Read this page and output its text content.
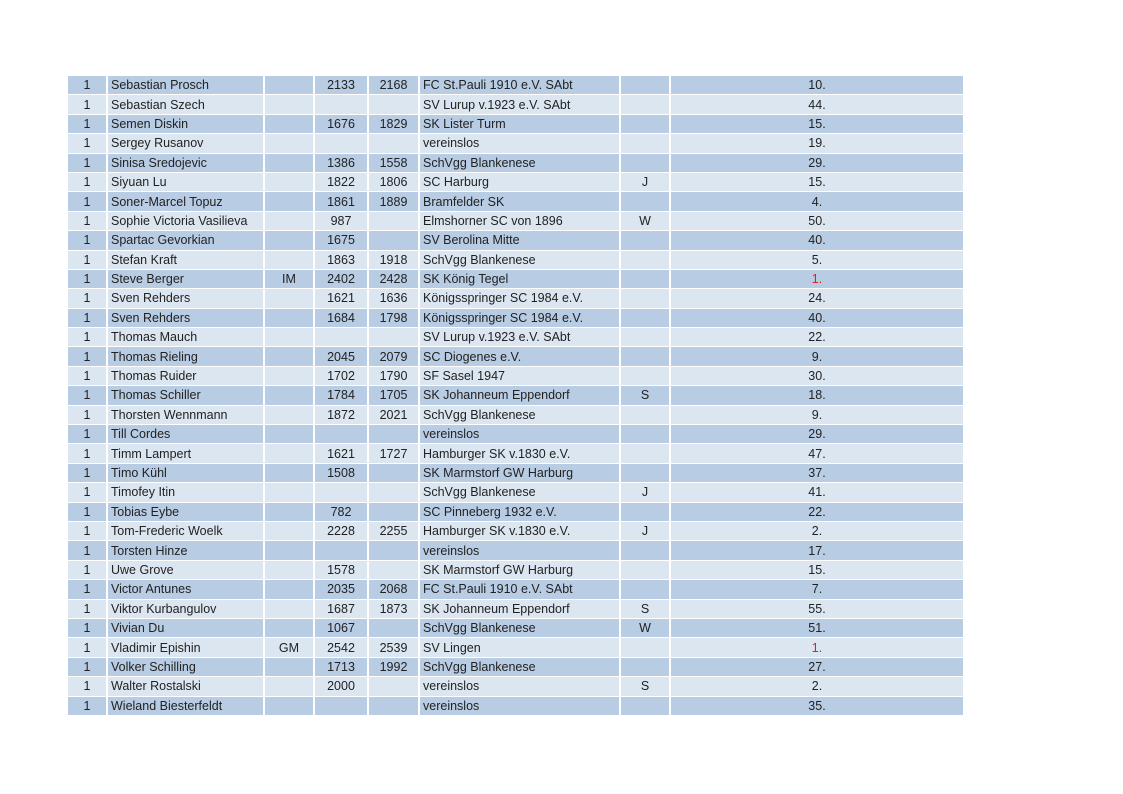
1	Sebastian Prosch		2133	2168	FC St.Pauli 1910 e.V. SAbt		10.
1	Sebastian Szech				SV Lurup v.1923 e.V. SAbt		44.
1	Semen Diskin		1676	1829	SK Lister Turm		15.
1	Sergey Rusanov				vereinslos		19.
1	Sinisa Sredojevic		1386	1558	SchVgg Blankenese		29.
1	Siyuan Lu		1822	1806	SC Harburg	J	15.
1	Soner-Marcel Topuz		1861	1889	Bramfelder SK		4.
1	Sophie Victoria Vasilieva		987		Elmshorner SC von 1896	W	50.
1	Spartac Gevorkian		1675		SV Berolina Mitte		40.
1	Stefan Kraft		1863	1918	SchVgg Blankenese		5.
1	Steve Berger	IM	2402	2428	SK König Tegel		1.
1	Sven Rehders		1621	1636	Königsspringer SC 1984 e.V.		24.
1	Sven Rehders		1684	1798	Königsspringer SC 1984 e.V.		40.
1	Thomas Mauch				SV Lurup v.1923 e.V. SAbt		22.
1	Thomas Rieling		2045	2079	SC Diogenes e.V.		9.
1	Thomas Ruider		1702	1790	SF Sasel 1947		30.
1	Thomas Schiller		1784	1705	SK Johanneum Eppendorf	S	18.
1	Thorsten Wennmann		1872	2021	SchVgg Blankenese		9.
1	Till Cordes				vereinslos		29.
1	Timm Lampert		1621	1727	Hamburger SK v.1830 e.V.		47.
1	Timo Kühl		1508		SK Marmstorf GW Harburg		37.
1	Timofey Itin				SchVgg Blankenese	J	41.
1	Tobias Eybe		782		SC Pinneberg 1932 e.V.		22.
1	Tom-Frederic Woelk		2228	2255	Hamburger SK v.1830 e.V.	J	2.
1	Torsten Hinze				vereinslos		17.
1	Uwe Grove		1578		SK Marmstorf GW Harburg		15.
1	Victor Antunes		2035	2068	FC St.Pauli 1910 e.V. SAbt		7.
1	Viktor Kurbangulov		1687	1873	SK Johanneum Eppendorf	S	55.
1	Vivian Du		1067		SchVgg Blankenese	W	51.
1	Vladimir Epishin	GM	2542	2539	SV Lingen		1.
1	Volker Schilling		1713	1992	SchVgg Blankenese		27.
1	Walter Rostalski		2000		vereinslos	S	2.
1	Wieland Biesterfeldt				vereinslos		35.
